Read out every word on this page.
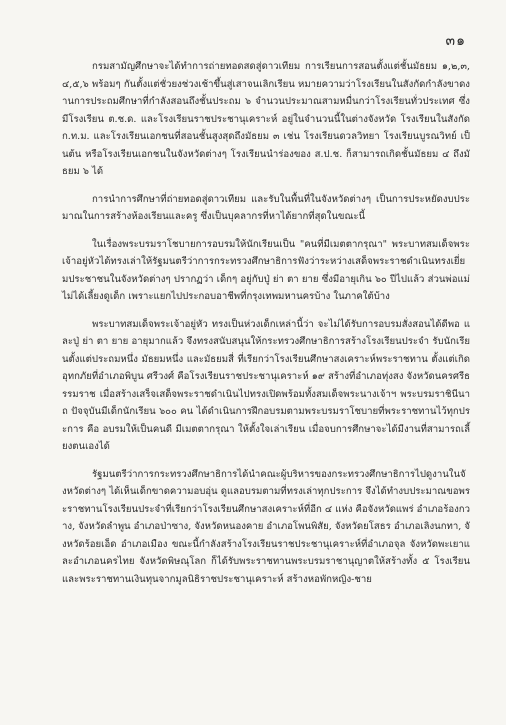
๓๑

กรมสามัญศึกษาจะได้ทำการถ่ายทอดสดสู่ดาวเทียม การเรียนการสอนตั้งแต่ชั้นมัธยม ๑,๒,๓,๔,๕,๖ พร้อมๆ กันตั้งแต่ชั่วยงช่วงเช้าขึ้นสู่เสาจนเลิกเรียน หมายความว่าโรงเรียนในสังกัดกำลังขาดงานการประถมศึกษาที่กำลังสอนถึงชั้นประถม ๖ จำนวนประมาณสามหมื่นกว่าโรงเรียนทั่วประเทศ ซึ่งมีโรงเรียน ต.ช.ด. และโรงเรียนราชประชานุเคราะห์ อยู่ในจำนวนนี้ในต่างจังหวัด โรงเรียนในสังกัด ก.ท.ม. และโรงเรียนเอกชนที่สอนชั้นสูงสุดถึงมัธยม ๓ เช่น โรงเรียนดวลวิทยา โรงเรียนบูรณวิทย์ เป็นต้น หรือโรงเรียนเอกชนในจังหวัดต่างๆ โรงเรียนนำร่องของ ส.ป.ช. ก็สามารถเกิดชั้นมัธยม ๔ ถึงมัธยม ๖ ได้

การนำการศึกษาที่ถ่ายทอดสู่ดาวเทียม และรับในพื้นที่ในจังหวัดต่างๆ เป็นการประหยัดงบประมาณในการสร้างห้องเรียนและครู ซึ่งเป็นบุคลากรที่หาได้ยากที่สุดในขณะนี้

ในเรื่องพระบรมราโชบายการอบรมให้นักเรียนเป็น "คนที่มีเมตตากรุณา" พระบาทสมเด็จพระเจ้าอยู่หัวได้ทรงเล่าให้รัฐมนตรีว่าการกระทรวงศึกษาธิการฟังว่าระหว่างเสด็จพระราชดำเนินทรงเยี่ยมประชาชนในจังหวัดต่างๆ ปรากฏว่า เด็กๆ อยู่กับปู่ ย่า ตา ยาย ซึ่งมีอายุเกิน ๖๐ ปีไปแล้ว ส่วนพ่อแม่ไม่ได้เลี้ยงดูเด็ก เพราะแยกไปประกอบอาชีพที่กรุงเทพมหานครบ้าง ในภาคใต้บ้าง

พระบาทสมเด็จพระเจ้าอยู่หัว ทรงเป็นห่วงเด็กเหล่านี้ว่า จะไม่ได้รับการอบรมสั่งสอนได้ดีพอ และปู่ ย่า ตา ยาย อายุมากแล้ว จึงทรงสนับสนุนให้กระทรวงศึกษาธิการสร้างโรงเรียนประจำ รับนักเรียนตั้งแต่ประถมหนึ่ง มัธยมหนึ่ง และมัธยมสี่ ที่เรียกว่าโรงเรียนศึกษาสงเคราะห์พระราชทาน ตั้งแต่เกิดอุทกภัยที่อำเภอพิบูน ศรีวงศ์ คือโรงเรียนราชประชานุเคราะห์ ๑๙ สร้างที่อำเภอทุ่งสง จังหวัดนครศรีธรรมราช เมื่อสร้างเสร็จเสด็จพระราชดำเนินไปทรงเปิดพร้อมทั้งสมเด็จพระนางเจ้าฯ พระบรมราชินีนาถ ปัจจุบันมีเด็กนักเรียน ๖๐๐ คน ได้ดำเนินการฝึกอบรมตามพระบรมราโชบายที่พระราชทานไว้ทุกประการ คือ อบรมให้เป็นคนดี มีเมตตากรุณา ให้ตั้งใจเล่าเรียน เมื่อจบการศึกษาจะได้มีงานที่สามารถเลี้ยงตนเองได้

รัฐมนตรีว่าการกระทรวงศึกษาธิการได้นำคณะผู้บริหารของกระทรวงศึกษาธิการไปดูงานในจังหวัดต่างๆ ได้เห็นเด็กขาดความอบอุ่น ดูแลอบรมตามที่ทรงเล่าทุกประการ จึงได้ทำงบประมาณขอพระราชทานโรงเรียนประจำที่เรียกว่าโรงเรียนศึกษาสงเคราะห์ที่อีก ๔ แห่ง คือจังหวัดแพร่ อำเภอร้องกวาง, จังหวัดลำพูน อำเภอป่าซาง, จังหวัดหนองคาย อำเภอโพนพิสัย, จังหวัดยโสธร อำเภอเลิงนกทา, จังหวัดร้อยเอ็ด อำเภอเมือง ขณะนี้กำลังสร้างโรงเรียนราชประชานุเคราะห์ที่อำเภอจุล จังหวัดพะเยาและอำเภอนครไทย จังหวัดพิษณุโลก ก็ได้รับพระราชทานพระบรมราชานุญาตให้สร้างทั้ง ๕ โรงเรียน และพระราชทานเงินทุนจากมูลนิธิราชประชานุเคราะห์ สร้างหอพักหญิง-ชาย
